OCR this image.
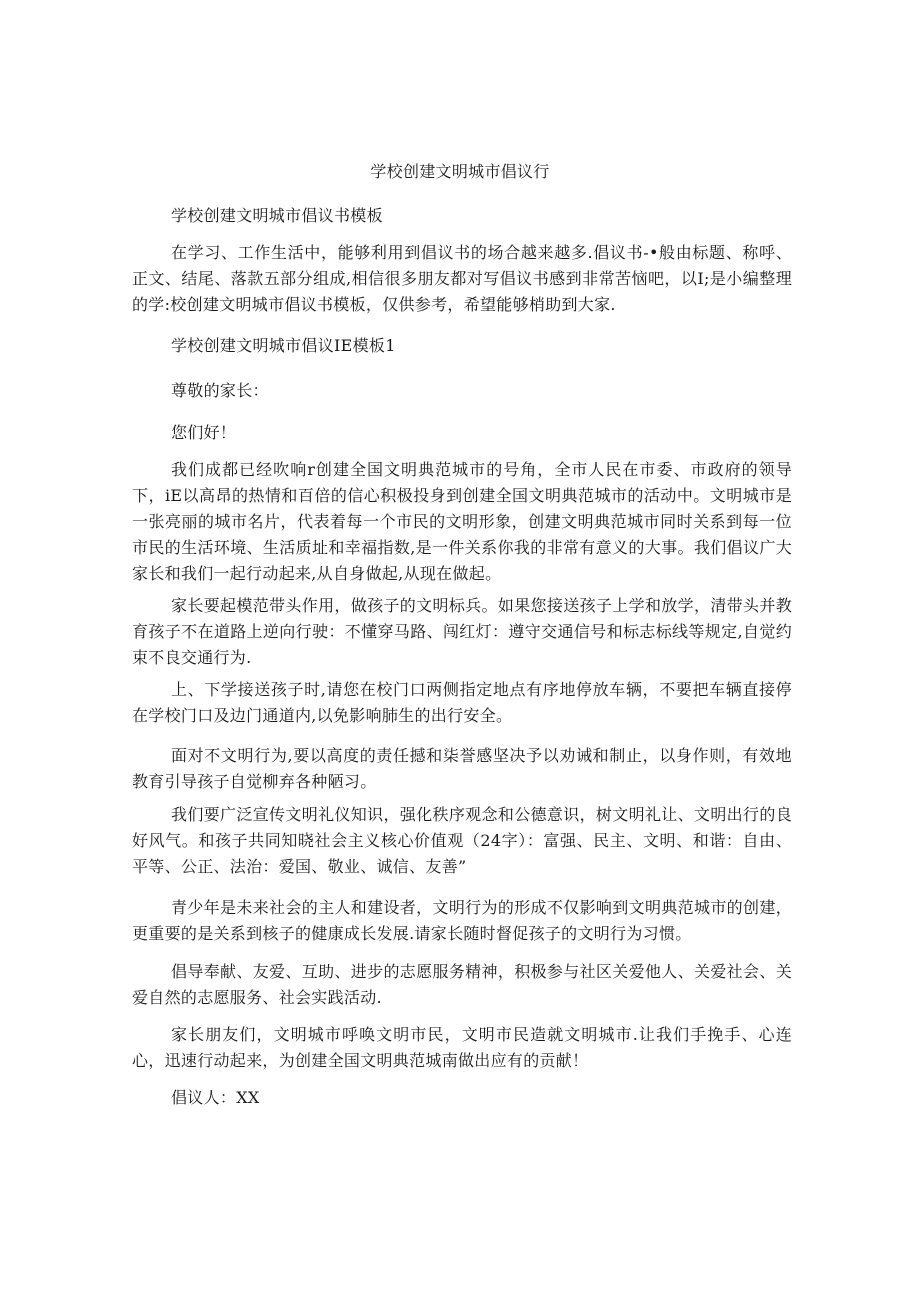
学校创建文明城市倡议行

学校创建文明城市倡议书模板

在学习、工作生活中，能够利用到倡议书的场合越来越多.倡议书-•般由标题、称呼、正文、结尾、落款五部分组成,相信很多朋友都对写倡议书感到非常苦恼吧，以I;是小编整理的学:校创建文明城市倡议书模板，仅供参考，希望能够梢助到大家.

学校创建文明城市倡议IE模板1

尊敬的家长：

您们好！

我们成都已经吹响r创建全国文明典范城市的号角，全市人民在市委、市政府的领导下，iE以高昂的热情和百倍的信心积极投身到创建全国文明典范城市的活动中。文明城市是一张亮丽的城市名片，代表着每一个市民的文明形象，创建文明典范城市同时关系到每一位市民的生活环境、生活质址和幸福指数,是一件关系你我的非常有意义的大事。我们倡议广大家长和我们一起行动起来,从自身做起,从现在做起。

家长要起模范带头作用，做孩子的文明标兵。如果您接送孩子上学和放学，清带头并教育孩子不在道路上逆向行驶：不懂穿马路、闯红灯：遵守交通信号和标志标线等规定,自觉约束不良交通行为.

上、下学接送孩子时,请您在校门口两侧指定地点有序地停放车辆，不要把车辆直接停在学校门口及边门通道内,以免影响肺生的出行安全。

面对不文明行为,要以高度的责任撼和柒誉感坚决予以劝诫和制止，以身作则，有效地教育引导孩子自觉柳弃各种陋习。

我们要广泛宣传文明礼仪知识，强化秩序观念和公德意识，树文明礼让、文明出行的良好风气。和孩子共同知晓社会主义核心价值观（24字）：富强、民主、文明、和谐：自由、平等、公正、法治：爱国、敬业、诚信、友善”

青少年是未来社会的主人和建设者，文明行为的形成不仅影响到文明典范城市的创建，更重要的是关系到核子的健康成长发展.请家长随时督促孩子的文明行为习惯。

倡导奉献、友爱、互助、进步的志愿服务精神，积极参与社区关爱他人、关爱社会、关爱自然的志愿服务、社会实践活动.

家长朋友们，文明城市呼唤文明市民，文明市民造就文明城市.让我们手挽手、心连心，迅速行动起来，为创建全国文明典范城南做出应有的贡献！

倡议人：XX
